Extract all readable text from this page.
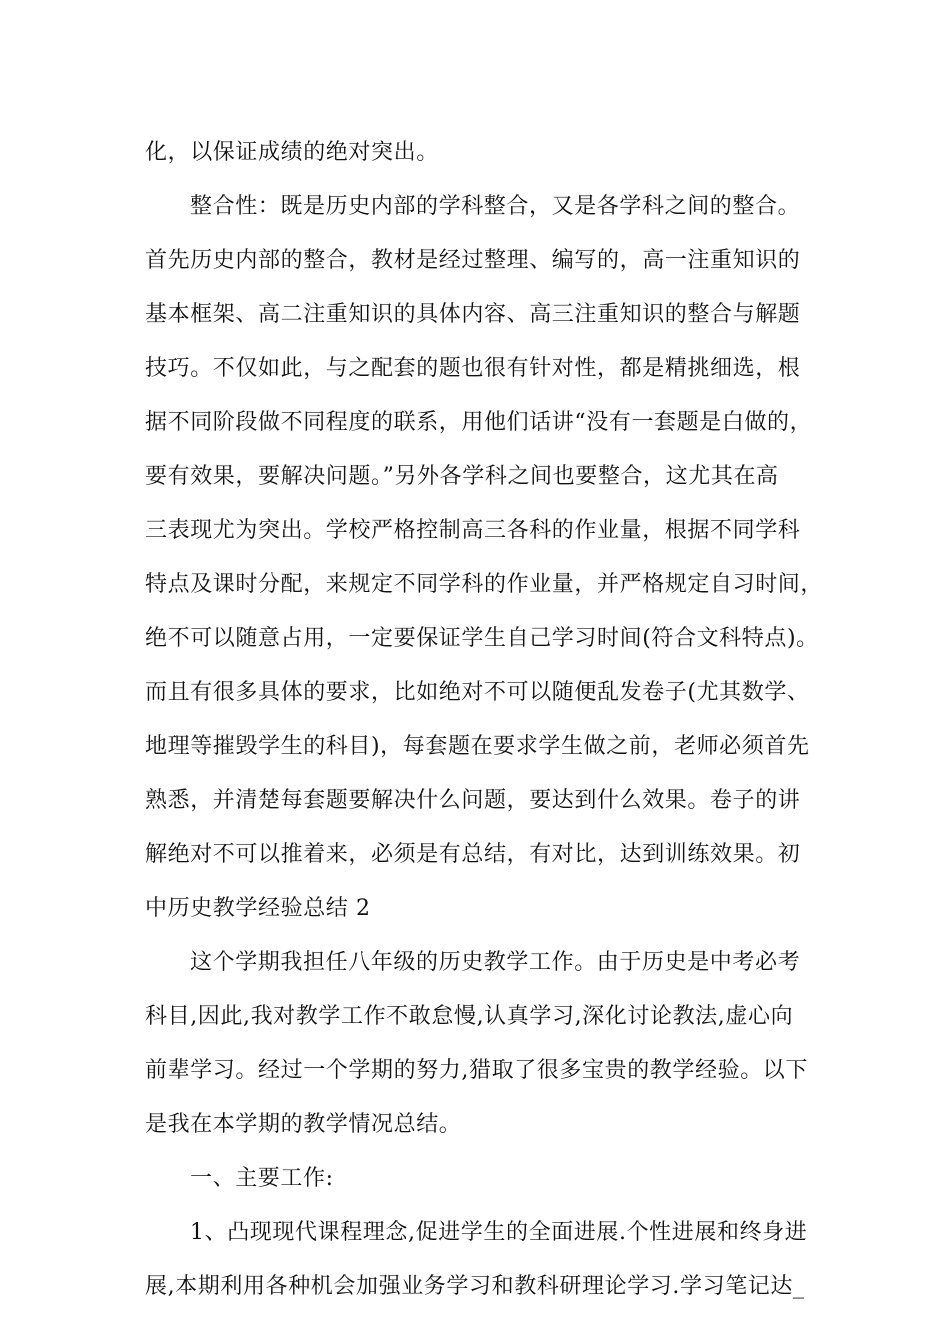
化，以保证成绩的绝对突出。
整合性：既是历史内部的学科整合，又是各学科之间的整合。
首先历史内部的整合，教材是经过整理、编写的，高一注重知识的
基本框架、高二注重知识的具体内容、高三注重知识的整合与解题
技巧。不仅如此，与之配套的题也很有针对性，都是精挑细选，根
据不同阶段做不同程度的联系，用他们话讲“没有一套题是白做的，
要有效果，要解决问题。”另外各学科之间也要整合，这尤其在高
三表现尤为突出。学校严格控制高三各科的作业量，根据不同学科
特点及课时分配，来规定不同学科的作业量，并严格规定自习时间，
绝不可以随意占用，一定要保证学生自己学习时间(符合文科特点)。
而且有很多具体的要求，比如绝对不可以随便乱发卷子(尤其数学、
地理等摧毁学生的科目)，每套题在要求学生做之前，老师必须首先
熟悉，并清楚每套题要解决什么问题，要达到什么效果。卷子的讲
解绝对不可以推着来，必须是有总结，有对比，达到训练效果。初
中历史教学经验总结 2
这个学期我担任八年级的历史教学工作。由于历史是中考必考
科目,因此,我对教学工作不敢怠慢,认真学习,深化讨论教法,虚心向
前辈学习。经过一个学期的努力,猎取了很多宝贵的教学经验。以下
是我在本学期的教学情况总结。
一、主要工作:
1、凸现现代课程理念,促进学生的全面进展.个性进展和终身进
展,本期利用各种机会加强业务学习和教科研理论学习.学习笔记达_
